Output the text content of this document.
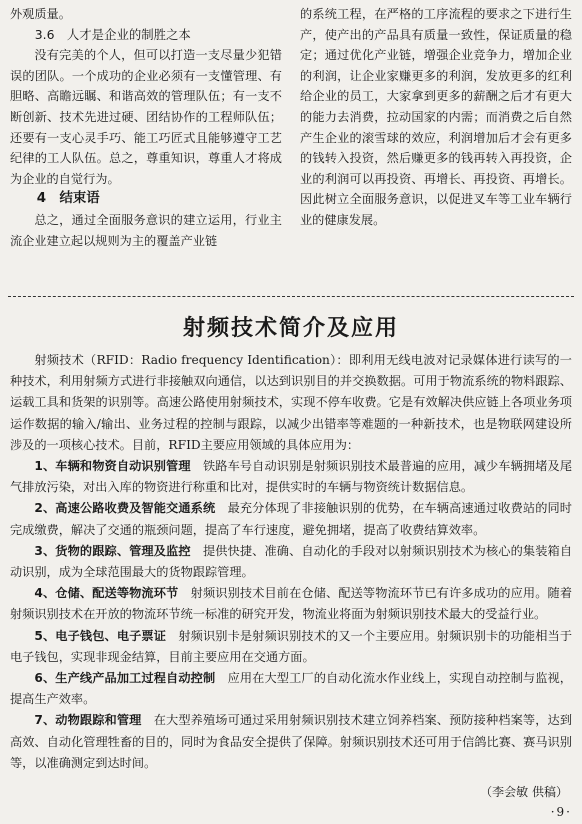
外观质量。

3.6　人才是企业的制胜之本

没有完美的个人，但可以打造一支尽量少犯错误的团队。一个成功的企业必须有一支懂管理、有胆略、高瞻远瞩、和谐高效的管理队伍；有一支不断创新、技术先进过硬、团结协作的工程师队伍；还要有一支心灵手巧、能工巧匠式且能够遵守工艺纪律的工人队伍。总之，尊重知识，尊重人才将成为企业的自觉行为。

4　结束语

总之，通过全面服务意识的建立运用，行业主流企业建立起以规则为主的覆盖产业链

的系统工程，在严格的工序流程的要求之下进行生产，使产出的产品具有质量一致性，保证质量的稳定；通过优化产业链，增强企业竞争力，增加企业的利润，让企业家赚更多的利润，发放更多的红利给企业的员工，大家拿到更多的薪酬之后才有更大的能力去消费，拉动国家的内需；而消费之后自然产生企业的滚雪球的效应，利润增加后才会有更多的钱转入投资，然后赚更多的钱再转入再投资，企业的利润可以再投资、再增长、再投资、再增长。因此树立全面服务意识，以促进叉车等工业车辆行业的健康发展。

射频技术简介及应用

射频技术（RFID：Radio frequency Identification）：即利用无线电波对记录媒体进行读写的一种技术，利用射频方式进行非接触双向通信，以达到识别目的并交换数据。可用于物流系统的物料跟踪、运载工具和货架的识别等。高速公路使用射频技术，实现不停车收费。它是有效解决供应链上各项业务项运作数据的输入/输出、业务过程的控制与跟踪，以减少出错率等难题的一种新技术，也是物联网建设所涉及的一项核心技术。目前，RFID主要应用领域的具体应用为：

1、车辆和物资自动识别管理　铁路车号自动识别是射频识别技术最普遍的应用，减少车辆拥堵及尾气排放污染，对出入库的物资进行称重和比对，提供实时的车辆与物资统计数据信息。

2、高速公路收费及智能交通系统　最充分体现了非接触识别的优势，在车辆高速通过收费站的同时完成缴费，解决了交通的瓶颈问题，提高了车行速度，避免拥堵，提高了收费结算效率。

3、货物的跟踪、管理及监控　提供快捷、准确、自动化的手段对以射频识别技术为核心的集装箱自动识别，成为全球范围最大的货物跟踪管理。

4、仓储、配送等物流环节　射频识别技术目前在仓储、配送等物流环节已有许多成功的应用。随着射频识别技术在开放的物流环节统一标准的研究开发，物流业将面为射频识别技术最大的受益行业。

5、电子钱包、电子票证　射频识别卡是射频识别技术的又一个主要应用。射频识别卡的功能相当于电子钱包，实现非现金结算，目前主要应用在交通方面。

6、生产线产品加工过程自动控制　应用在大型工厂的自动化流水作业线上，实现自动控制与监视，提高生产效率。

7、动物跟踪和管理　在大型养殖场可通过采用射频识别技术建立饲养档案、预防接种档案等，达到高效、自动化管理牲畜的目的，同时为食品安全提供了保障。射频识别技术还可用于信鸽比赛、赛马识别等，以准确测定到达时间。

（李会敏 供稿）
·9·
